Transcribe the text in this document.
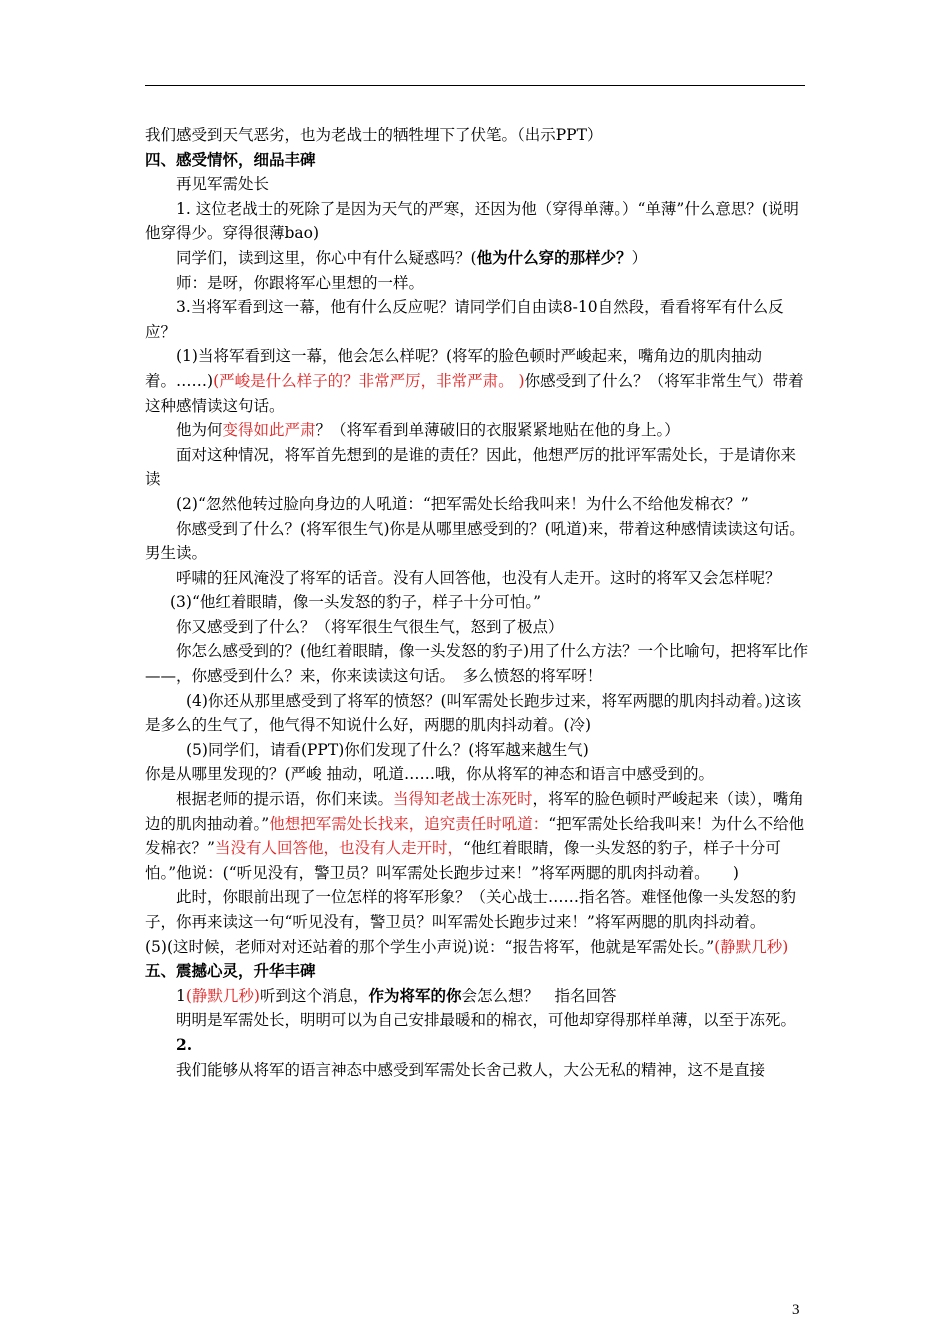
我们感受到天气恶劣，也为老战士的牺牲埋下了伏笔。（出示PPT）

四、感受情怀，细品丰碑

再见军需处长

1. 这位老战士的死除了是因为天气的严寒，还因为他（穿得单薄。）“单薄”什么意思？(说明他穿得少。穿得很薄bao)

同学们，读到这里，你心中有什么疑惑吗？(他为什么穿的那样少？）

师：是呀，你跟将军心里想的一样。

3.当将军看到这一幕，他有什么反应呢？请同学们自由读8-10自然段，看看将军有什么反应？

(1)当将军看到这一幕，他会怎么样呢？(将军的脸色顿时严峻起来，嘴角边的肌肉抽动着。……)(严峻是什么样子的？非常严厉，非常严肃。 )你感受到了什么？（将军非常生气）带着这种感情读这句话。

他为何变得如此严肃？（将军看到单薄破旧的衣服紧紧地贴在他的身上。）

面对这种情况，将军首先想到的是谁的责任？因此，他想严厉的批评军需处长，于是请你来读

(2)“忽然他转过脸向身边的人吼道：“把军需处长给我叫来！为什么不给他发棉衣？”

你感受到了什么？(将军很生气)你是从哪里感受到的？(吼道)来，带着这种感情读读这句话。男生读。

呼啸的狂风淹没了将军的话音。没有人回答他，也没有人走开。这时的将军又会怎样呢？

(3)“他红着眼睛，像一头发怒的豹子，样子十分可怕。”

你又感受到了什么？（将军很生气很生气，怒到了极点）

你怎么感受到的？(他红着眼睛，像一头发怒的豹子)用了什么方法？一个比喻句，把将军比作——，你感受到什么？来，你来读读这句话。　多么愤怒的将军呀！

(4)你还从那里感受到了将军的愤怒？(叫军需处长跑步过来，将军两腮的肌肉抖动着。)这该是多么的生气了，他气得不知说什么好，两腮的肌肉抖动着。(冷)

(5)同学们，请看(PPT)你们发现了什么？(将军越来越生气)

你是从哪里发现的？(严峻 抽动，吼道……哦，你从将军的神态和语言中感受到的。

根据老师的提示语，你们来读。当得知老战士冻死时，将军的脸色顿时严峻起来（读），嘴角边的肌肉抽动着。”他想把军需处长找来，追究责任时吼道：“把军需处长给我叫来！为什么不给他发棉衣？”当没有人回答他，也没有人走开时，“他红着眼睛，像一头发怒的豹子，样子十分可怕。”他说：(“听见没有，警卫员？叫军需处长跑步过来！”将军两腮的肌肉抖动着。　　)

此时，你眼前出现了一位怎样的将军形象？（关心战士……指名答。难怪他像一头发怒的豹子，你再来读这一句“听见没有，警卫员？叫军需处长跑步过来！”将军两腮的肌肉抖动着。

(5)(这时候，老师对对还站着的那个学生小声说)说：“报告将军，他就是军需处长。”(静默几秒)

五、震撼心灵，升华丰碑

1(静默几秒)听到这个消息，作为将军的你会怎么想？　指名回答

明明是军需处长，明明可以为自己安排最暖和的棉衣，可他却穿得那样单薄，以至于冻死。

2.

我们能够从将军的语言神态中感受到军需处长舍己救人，大公无私的精神，这不是直接

3
